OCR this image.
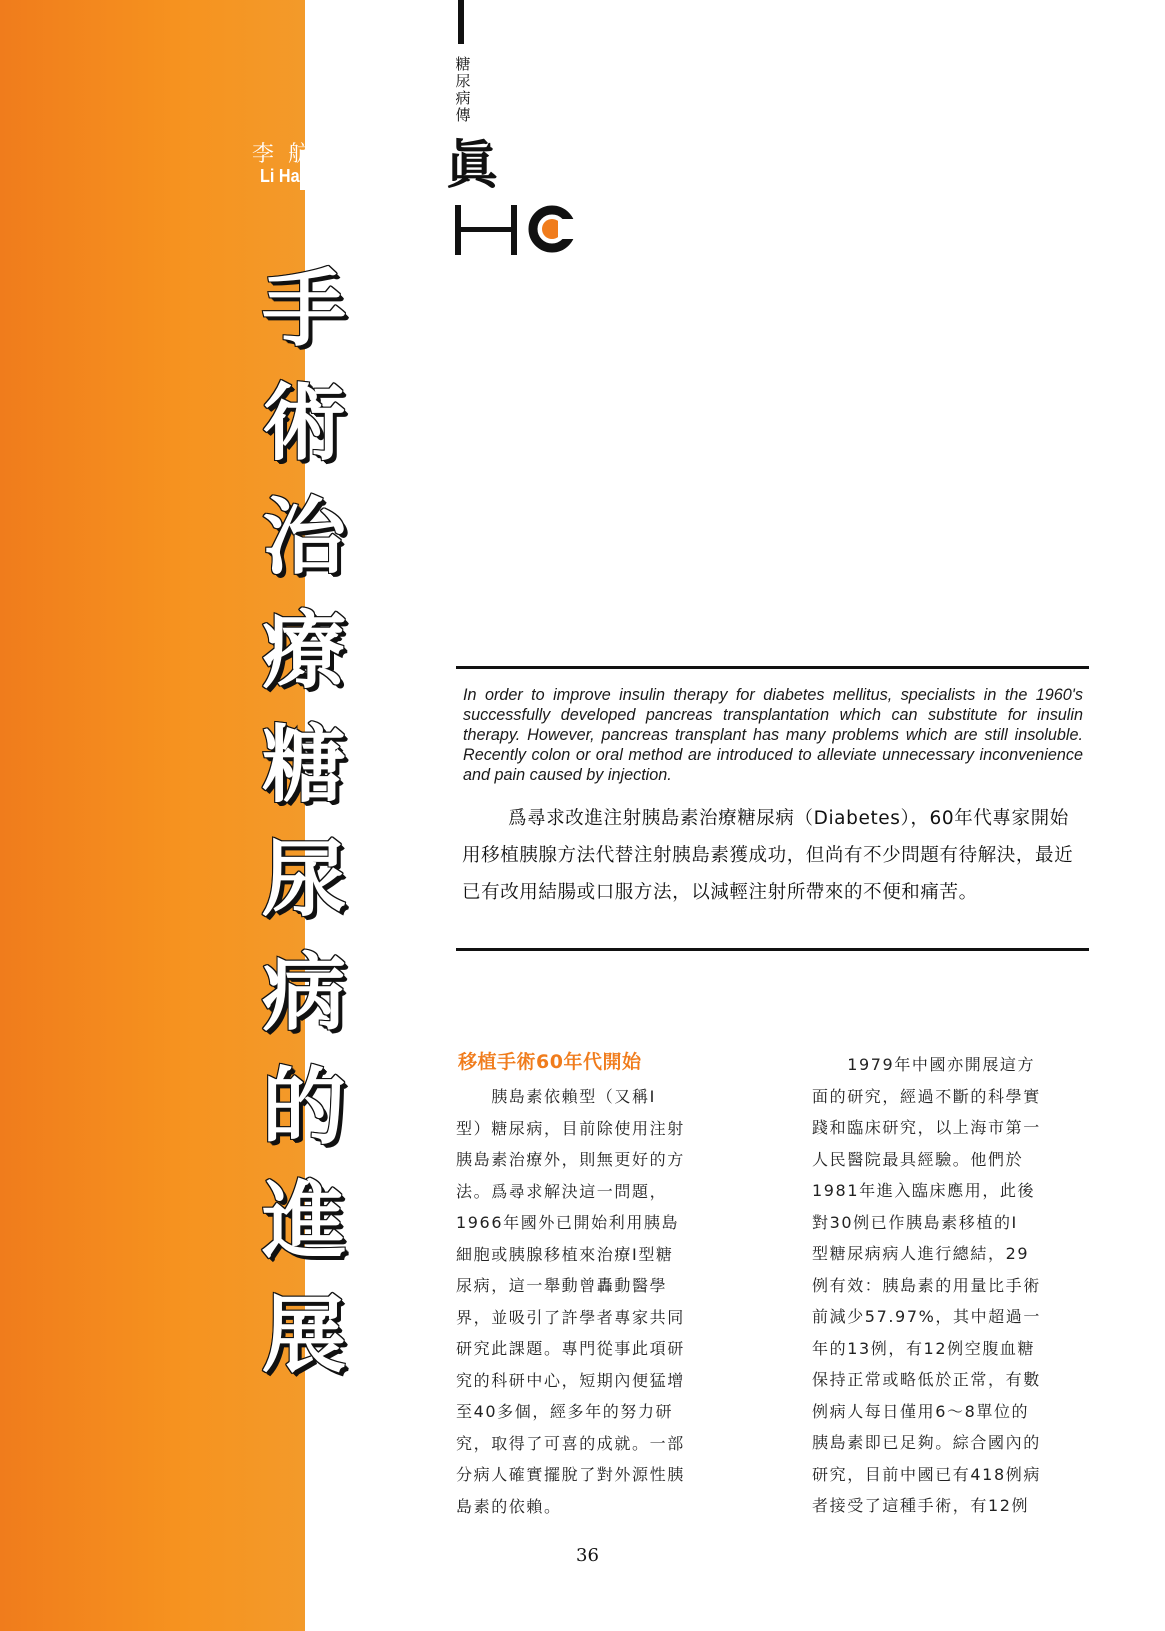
李航海
Li Hang Hai
手
術
治
療
糖
尿
病
的
進
展
糖尿病傳
眞
In order to improve insulin therapy for diabetes mellitus, specialists in the 1960's successfully developed pancreas transplantation which can substitute for insulin therapy. However, pancreas transplant has many problems which are still insoluble. Recently colon or oral method are introduced to alleviate unnecessary inconvenience and pain caused by injection.
爲尋求改進注射胰島素治療糖尿病（Diabetes），60年代專家開始用移植胰腺方法代替注射胰島素獲成功，但尚有不少問題有待解決，最近已有改用結腸或口服方法，以減輕注射所帶來的不便和痛苦。
移植手術60年代開始
　　胰島素依賴型（又稱Ⅰ
型）糖尿病，目前除使用注射
胰島素治療外，則無更好的方
法。爲尋求解決這一問題，
1966年國外已開始利用胰島
細胞或胰腺移植來治療Ⅰ型糖
尿病，這一舉動曾轟動醫學
界，並吸引了許學者專家共同
研究此課題。專門從事此項研
究的科研中心，短期內便猛增
至40多個，經多年的努力研
究，取得了可喜的成就。一部
分病人確實擺脫了對外源性胰
島素的依賴。
　　1979年中國亦開展這方
面的研究，經過不斷的科學實
踐和臨床研究，以上海市第一
人民醫院最具經驗。他們於
1981年進入臨床應用，此後
對30例已作胰島素移植的Ⅰ
型糖尿病病人進行總結，29
例有效：胰島素的用量比手術
前減少57.97%，其中超過一
年的13例，有12例空腹血糖
保持正常或略低於正常，有數
例病人每日僅用6～8單位的
胰島素即已足夠。綜合國內的
研究，目前中國已有418例病
者接受了這種手術，有12例
36
